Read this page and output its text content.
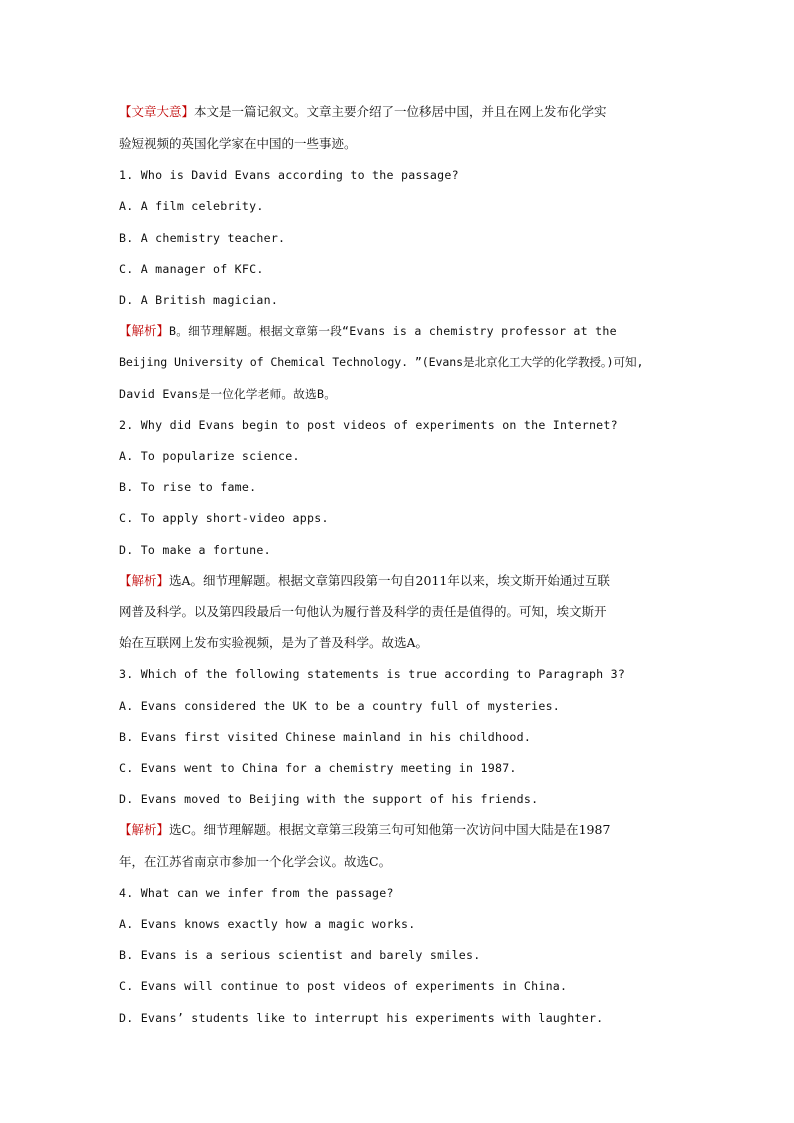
【文章大意】本文是一篇记叙文。文章主要介绍了一位移居中国，并且在网上发布化学实
验短视频的英国化学家在中国的一些事迹。
1. Who is David Evans according to the passage?
A. A film celebrity.
B. A chemistry teacher.
C. A manager of KFC.
D. A British magician.
【解析】B。细节理解题。根据文章第一段“Evans is a chemistry professor at the
Beijing University of Chemical Technology. ”(Evans是北京化工大学的化学教授。)可知,
David Evans是一位化学老师。故选B。
2. Why did Evans begin to post videos of experiments on the Internet?
A. To popularize science.
B. To rise to fame.
C. To apply short-video apps.
D. To make a fortune.
【解析】选A。细节理解题。根据文章第四段第一句自2011年以来，埃文斯开始通过互联
网普及科学。以及第四段最后一句他认为履行普及科学的责任是值得的。可知，埃文斯开
始在互联网上发布实验视频，是为了普及科学。故选A。
3. Which of the following statements is true according to Paragraph 3?
A. Evans considered the UK to be a country full of mysteries.
B. Evans first visited Chinese mainland in his childhood.
C. Evans went to China for a chemistry meeting in 1987.
D. Evans moved to Beijing with the support of his friends.
【解析】选C。细节理解题。根据文章第三段第三句可知他第一次访问中国大陆是在1987
年，在江苏省南京市参加一个化学会议。故选C。
4. What can we infer from the passage?
A. Evans knows exactly how a magic works.
B. Evans is a serious scientist and barely smiles.
C. Evans will continue to post videos of experiments in China.
D. Evans’ students like to interrupt his experiments with laughter.
